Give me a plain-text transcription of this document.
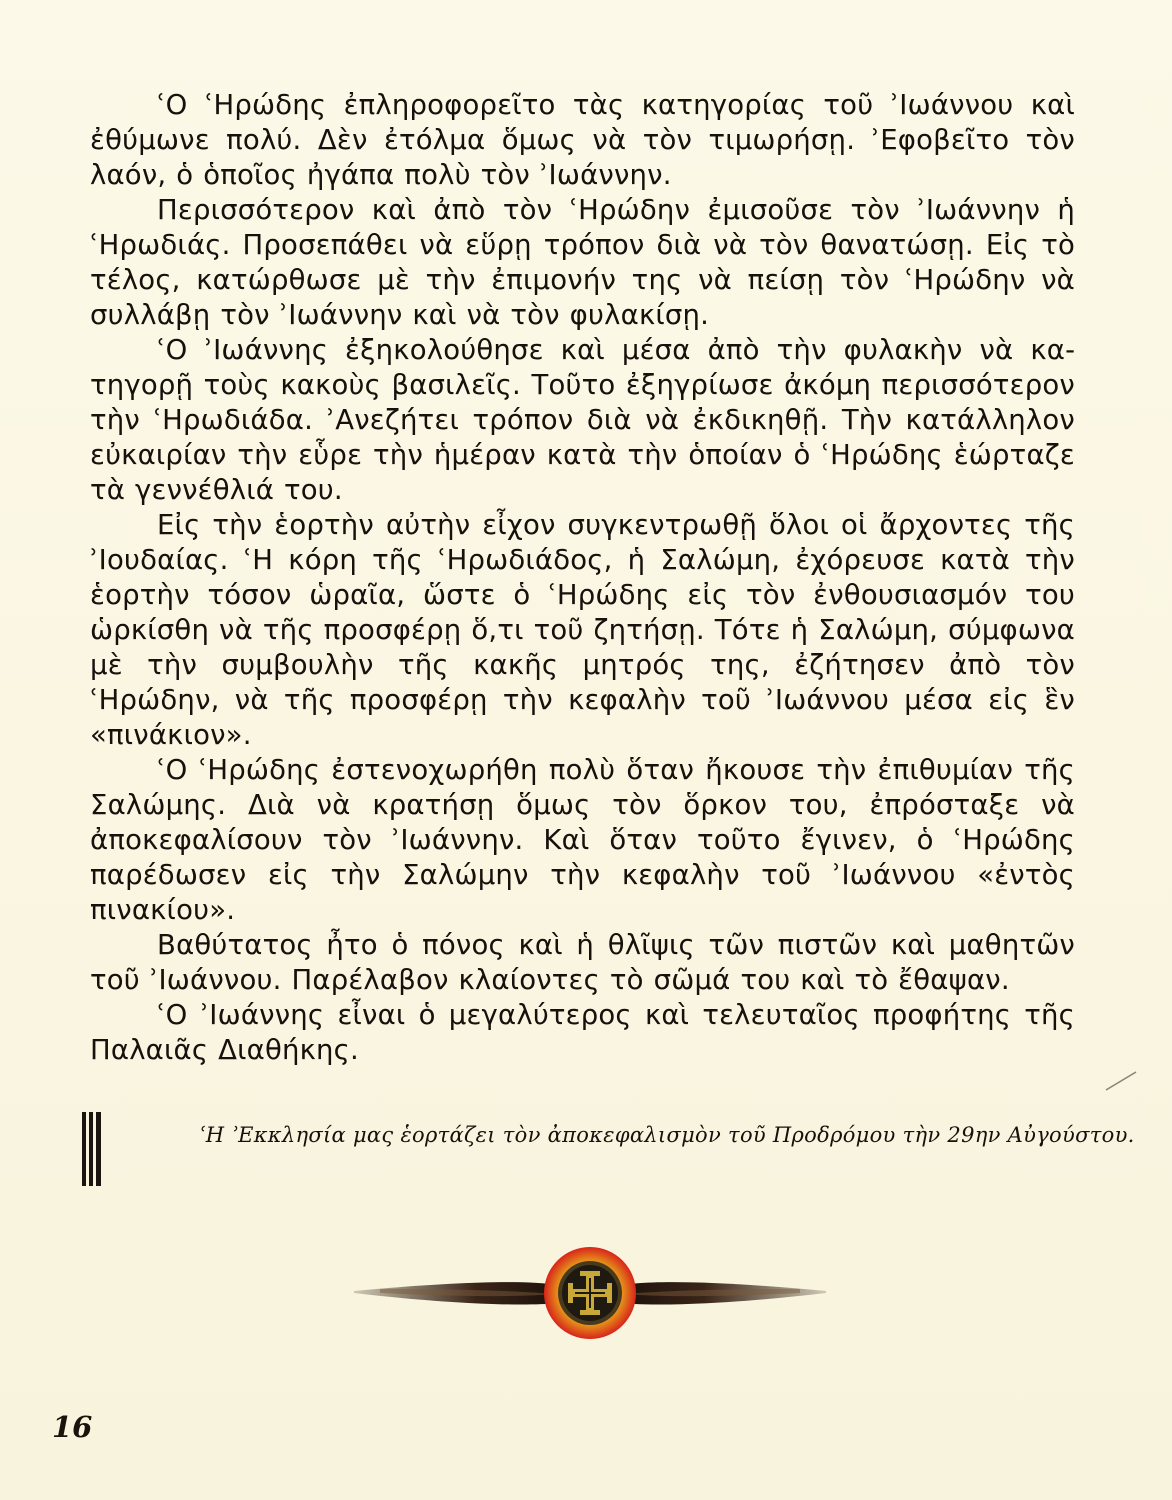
ʿΟ ʿΗρώδης ἐπληροφορεῖτο τὰς κατηγορίας τοῦ ʾΙωάννου καὶ ἐθύμωνε πολύ. Δὲν ἐτόλμα ὅμως νὰ τὸν τιμωρήσῃ. ʾΕφοβεῖτο τὸν λαόν, ὁ ὁποῖος ἠγάπα πολὺ τὸν ʾΙωάννην.

Περισσότερον καὶ ἀπὸ τὸν ʿΗρώδην ἐμισοῦσε τὸν ʾΙωάννην ἡ ʿΗρωδιάς. Προσεπάθει νὰ εὕρῃ τρόπον διὰ νὰ τὸν θανατώσῃ. Εἰς τὸ τέλος, κατώρθωσε μὲ τὴν ἐπιμονήν της νὰ πείσῃ τὸν ʿΗρώδην νὰ συλλάβῃ τὸν ʾΙωάννην καὶ νὰ τὸν φυλακίσῃ.

ʿΟ ʾΙωάννης ἐξηκολούθησε καὶ μέσα ἀπὸ τὴν φυλακὴν νὰ κατηγορῇ τοὺς κακοὺς βασιλεῖς. Τοῦτο ἐξηγρίωσε ἀκόμη περισσότερον τὴν ʿΗρωδιάδα. ʾΑνεζήτει τρόπον διὰ νὰ ἐκδικηθῇ. Τὴν κατάλληλον εὐκαιρίαν τὴν εὗρε τὴν ἡμέραν κατὰ τὴν ὁποίαν ὁ ʿΗρώδης ἑώρταζε τὰ γεννέθλιά του.

Εἰς τὴν ἑορτὴν αὐτὴν εἶχον συγκεντρωθῇ ὅλοι οἱ ἄρχοντες τῆς ʾΙουδαίας. ʿΗ κόρη τῆς ʿΗρωδιάδος, ἡ Σαλώμη, ἐχόρευσε κατὰ τὴν ἑορτὴν τόσον ὡραῖα, ὥστε ὁ ʿΗρώδης εἰς τὸν ἐνθουσιασμόν του ὡρκίσθη νὰ τῆς προσφέρῃ ὅ,τι τοῦ ζητήσῃ. Τότε ἡ Σαλώμη, σύμφωνα μὲ τὴν συμβουλὴν τῆς κακῆς μητρός της, ἐζήτησεν ἀπὸ τὸν ʿΗρώδην, νὰ τῆς προσφέρῃ τὴν κεφαλὴν τοῦ ʾΙωάννου μέσα εἰς ἓν «πινάκιον».

ʿΟ ʿΗρώδης ἐστενοχωρήθη πολὺ ὅταν ἤκουσε τὴν ἐπιθυμίαν τῆς Σαλώμης. Διὰ νὰ κρατήσῃ ὅμως τὸν ὅρκον του, ἐπρόσταξε νὰ ἀποκεφαλίσουν τὸν ʾΙωάννην. Καὶ ὅταν τοῦτο ἔγινεν, ὁ ʿΗρώδης παρέδωσεν εἰς τὴν Σαλώμην τὴν κεφαλὴν τοῦ ʾΙωάννου «ἐντὸς πινακίου».

Βαθύτατος ἦτο ὁ πόνος καὶ ἡ θλῖψις τῶν πιστῶν καὶ μαθητῶν τοῦ ʾΙωάννου. Παρέλαβον κλαίοντες τὸ σῶμά του καὶ τὸ ἔθαψαν.

ʿΟ ʾΙωάννης εἶναι ὁ μεγαλύτερος καὶ τελευταῖος προφήτης τῆς Παλαιᾶς Διαθήκης.

ʿΗ ʾΕκκλησία μας ἑορτάζει τὸν ἀποκεφαλισμὸν τοῦ Προδρόμου τὴν 29ην Αὐγούστου.

16
